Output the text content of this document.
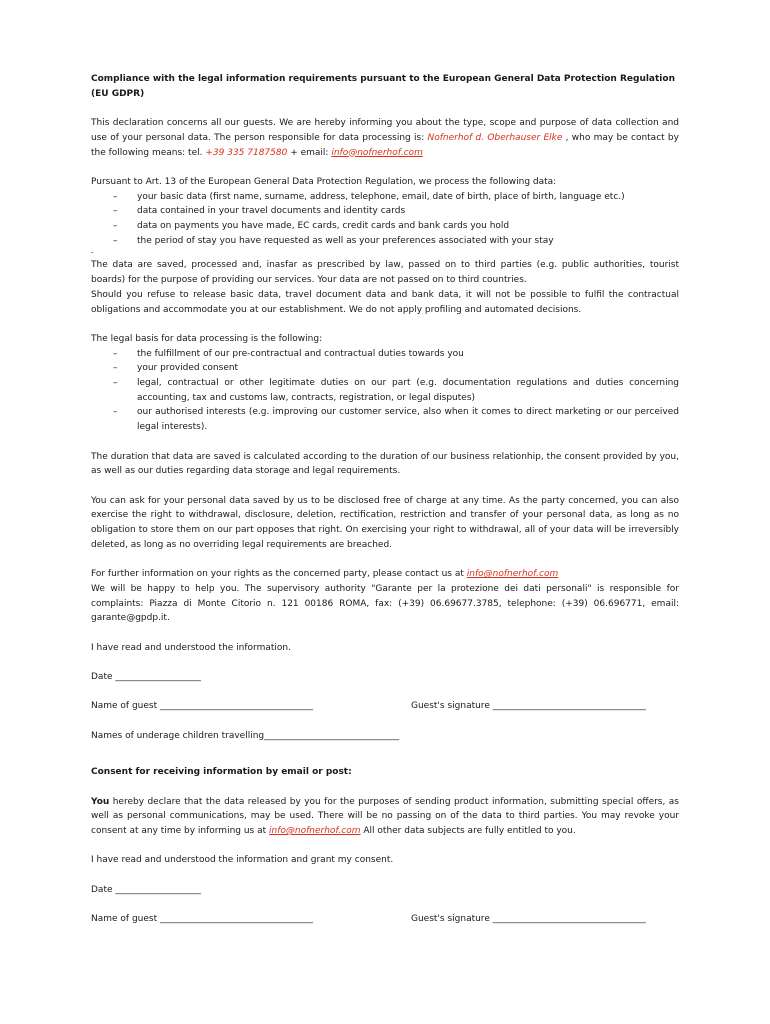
Compliance with the legal information requirements pursuant to the European General Data Protection Regulation (EU GDPR)

This declaration concerns all our guests. We are hereby informing you about the type, scope and purpose of data collection and use of your personal data. The person responsible for data processing is: Nofnerhof d. Oberhauser Elke , who may be contact by the following means: tel. +39 335 7187580 + email: info@nofnerhof.com

Pursuant to Art. 13 of the European General Data Protection Regulation, we process the following data:

– your basic data (first name, surname, address, telephone, email, date of birth, place of birth, language etc.)
– data contained in your travel documents and identity cards
– data on payments you have made, EC cards, credit cards and bank cards you hold
– the period of stay you have requested as well as your preferences associated with your stay

-

The data are saved, processed and, inasfar as prescribed by law, passed on to third parties (e.g. public authorities, tourist boards) for the purpose of providing our services. Your data are not passed on to third countries.

Should you refuse to release basic data, travel document data and bank data, it will not be possible to fulfil the contractual obligations and accommodate you at our establishment. We do not apply profiling and automated decisions.

The legal basis for data processing is the following:

– the fulfillment of our pre-contractual and contractual duties towards you
– your provided consent
– legal, contractual or other legitimate duties on our part (e.g. documentation regulations and duties concerning accounting, tax and customs law, contracts, registration, or legal disputes)
– our authorised interests (e.g. improving our customer service, also when it comes to direct marketing or our perceived legal interests).

The duration that data are saved is calculated according to the duration of our business relationhip, the consent provided by you, as well as our duties regarding data storage and legal requirements.

You can ask for your personal data saved by us to be disclosed free of charge at any time. As the party concerned, you can also exercise the right to withdrawal, disclosure, deletion, rectification, restriction and transfer of your personal data, as long as no obligation to store them on our part opposes that right. On exercising your right to withdrawal, all of your data will be irreversibly deleted, as long as no overriding legal requirements are breached.

For further information on your rights as the concerned party, please contact us at info@nofnerhof.com

We will be happy to help you. The supervisory authority "Garante per la protezione dei dati personali" is responsible for complaints: Piazza di Monte Citorio n. 121 00186 ROMA, fax: (+39) 06.69677.3785, telephone: (+39) 06.696771, email: garante@gpdp.it.

I have read and understood the information.

Date ___________________

Name of guest __________________________________	Guest's signature __________________________________

Names of underage children travelling______________________________

Consent for receiving information by email or post:

You hereby declare that the data released by you for the purposes of sending product information, submitting special offers, as well as personal communications, may be used. There will be no passing on of the data to third parties. You may revoke your consent at any time by informing us at info@nofnerhof.com All other data subjects are fully entitled to you.

I have read and understood the information and grant my consent.

Date ___________________

Name of guest __________________________________	Guest's signature __________________________________
